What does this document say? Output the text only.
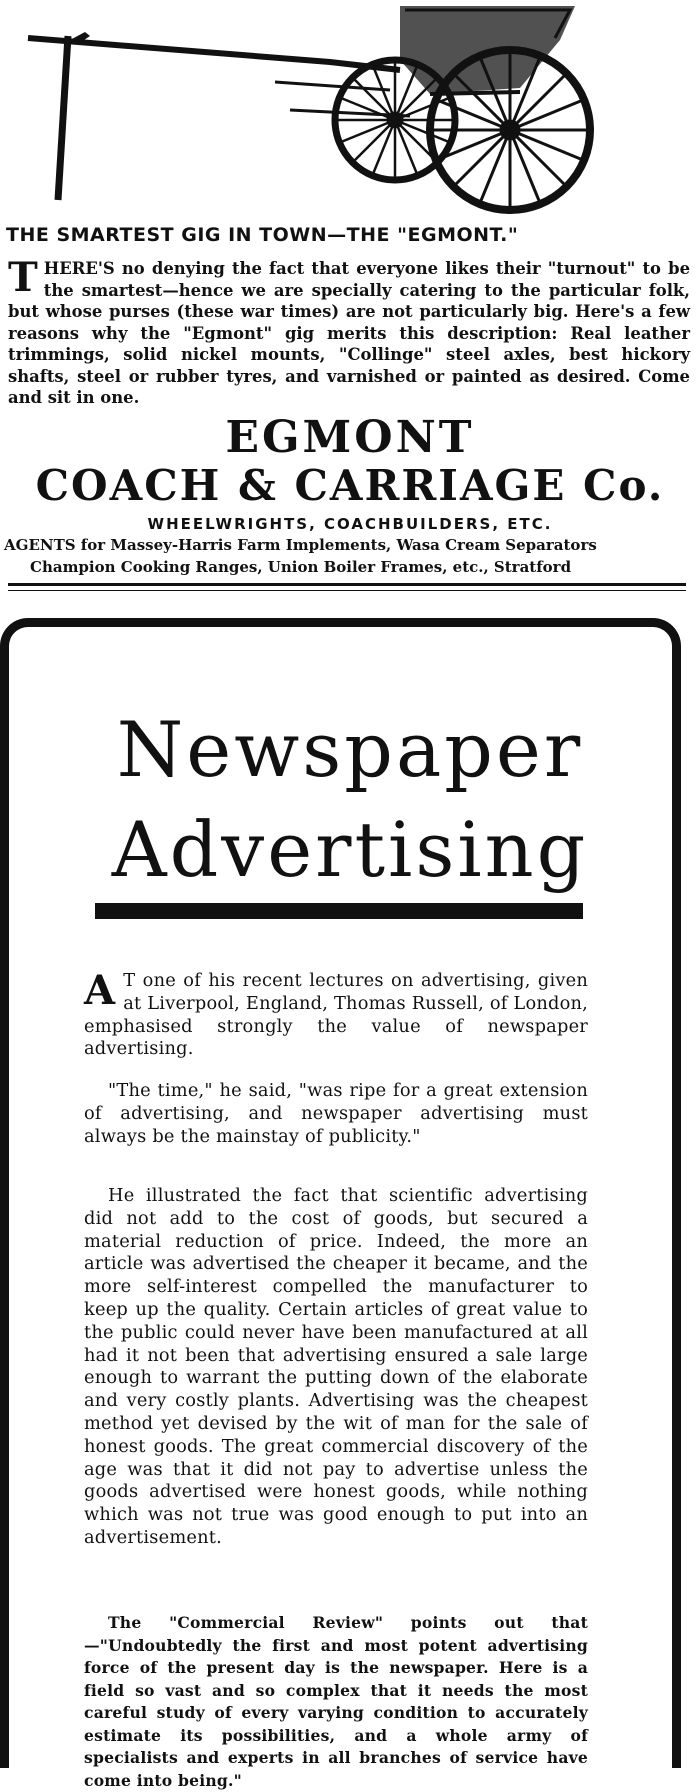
THE SMARTEST GIG IN TOWN—THE "EGMONT."
THERE'S no denying the fact that everyone likes their "turnout" to be the smartest—hence we are specially catering to the particular folk, but whose purses (these war times) are not particularly big. Here's a few reasons why the "Egmont" gig merits this description: Real leather trimmings, solid nickel mounts, "Collinge" steel axles, best hickory shafts, steel or rubber tyres, and varnished or painted as desired. Come and sit in one.
EGMONT
COACH & CARRIAGE Co.
WHEELWRIGHTS, COACHBUILDERS, ETC.
AGENTS for Massey-Harris Farm Implements, Wasa Cream Separators
Champion Cooking Ranges, Union Boiler Frames, etc., Stratford
Newspaper
Advertising
A T one of his recent lectures on advertising, given at Liverpool, England, Thomas Russell, of London, emphasised strongly the value of newspaper advertising.
"The time," he said, "was ripe for a great extension of advertising, and newspaper advertising must always be the mainstay of publicity."
He illustrated the fact that scientific advertising did not add to the cost of goods, but secured a material reduction of price. Indeed, the more an article was advertised the cheaper it became, and the more self-interest compelled the manufacturer to keep up the quality. Certain articles of great value to the public could never have been manufactured at all had it not been that advertising ensured a sale large enough to warrant the putting down of the elaborate and very costly plants. Advertising was the cheapest method yet devised by the wit of man for the sale of honest goods. The great commercial discovery of the age was that it did not pay to advertise unless the goods advertised were honest goods, while nothing which was not true was good enough to put into an advertisement.
The "Commercial Review" points out that—"Undoubtedly the first and most potent advertising force of the present day is the newspaper. Here is a field so vast and so complex that it needs the most careful study of every varying condition to accurately estimate its possibilities, and a whole army of specialists and experts in all branches of service have come into being."
